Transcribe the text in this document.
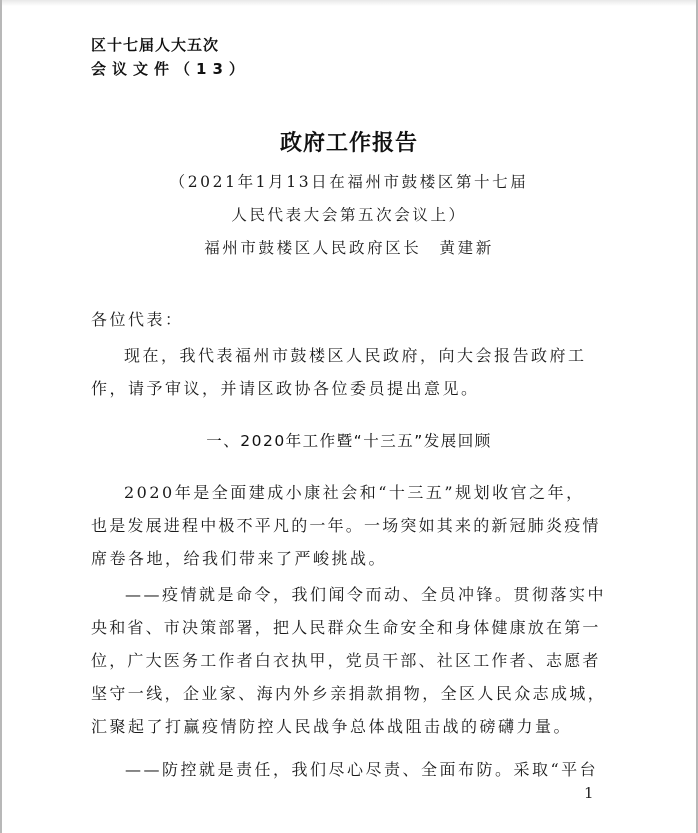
区十七届人大五次
会议文件（13）
政府工作报告
（2021年1月13日在福州市鼓楼区第十七届
人民代表大会第五次会议上）
福州市鼓楼区人民政府区长　黄建新
各位代表：
现在，我代表福州市鼓楼区人民政府，向大会报告政府工
作，请予审议，并请区政协各位委员提出意见。
一、2020年工作暨“十三五”发展回顾
2020年是全面建成小康社会和“十三五”规划收官之年，
也是发展进程中极不平凡的一年。一场突如其来的新冠肺炎疫情
席卷各地，给我们带来了严峻挑战。
——疫情就是命令，我们闻令而动、全员冲锋。贯彻落实中
央和省、市决策部署，把人民群众生命安全和身体健康放在第一
位，广大医务工作者白衣执甲，党员干部、社区工作者、志愿者
坚守一线，企业家、海内外乡亲捐款捐物，全区人民众志成城，
汇聚起了打赢疫情防控人民战争总体战阻击战的磅礴力量。
——防控就是责任，我们尽心尽责、全面布防。采取“平台
1
